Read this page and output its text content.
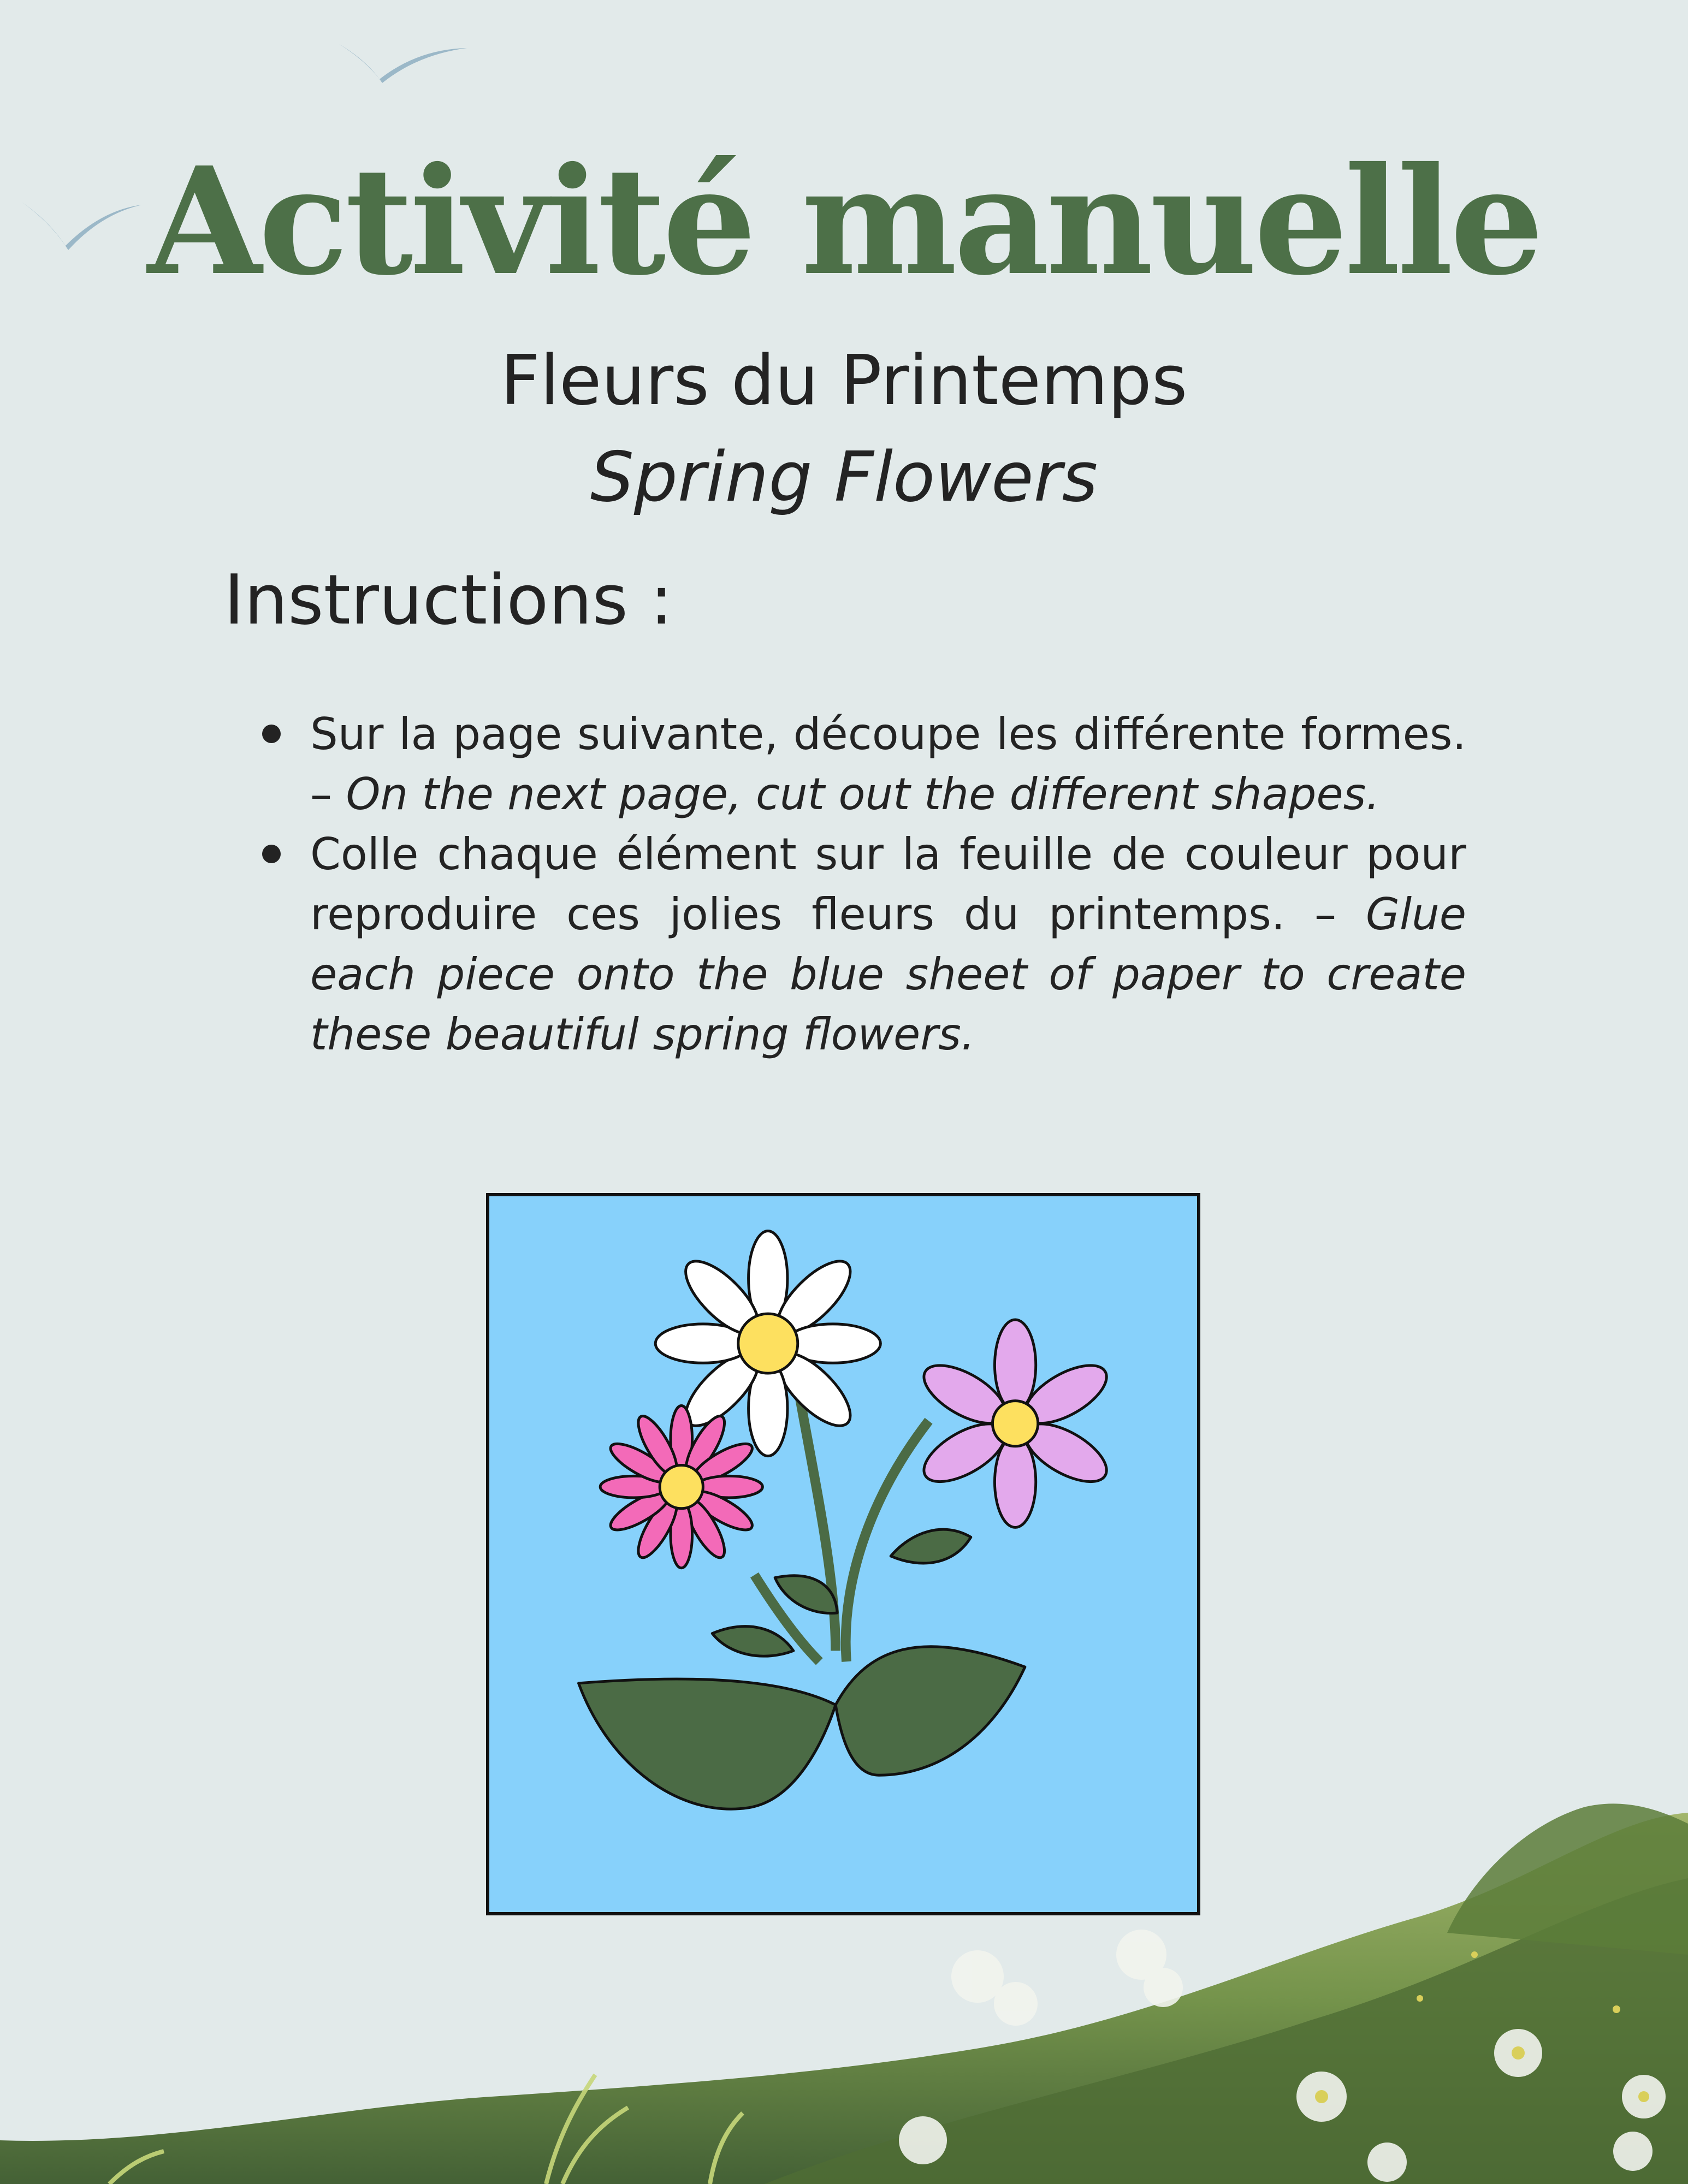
Activité manuelle
Fleurs du Printemps
Spring Flowers
Instructions :
Sur la page suivante, découpe les différente formes. – On the next page, cut out the different shapes.
Colle chaque élément sur la feuille de couleur pour reproduire ces jolies fleurs du printemps. – Glue each piece onto the blue sheet of paper to create these beautiful spring flowers.
